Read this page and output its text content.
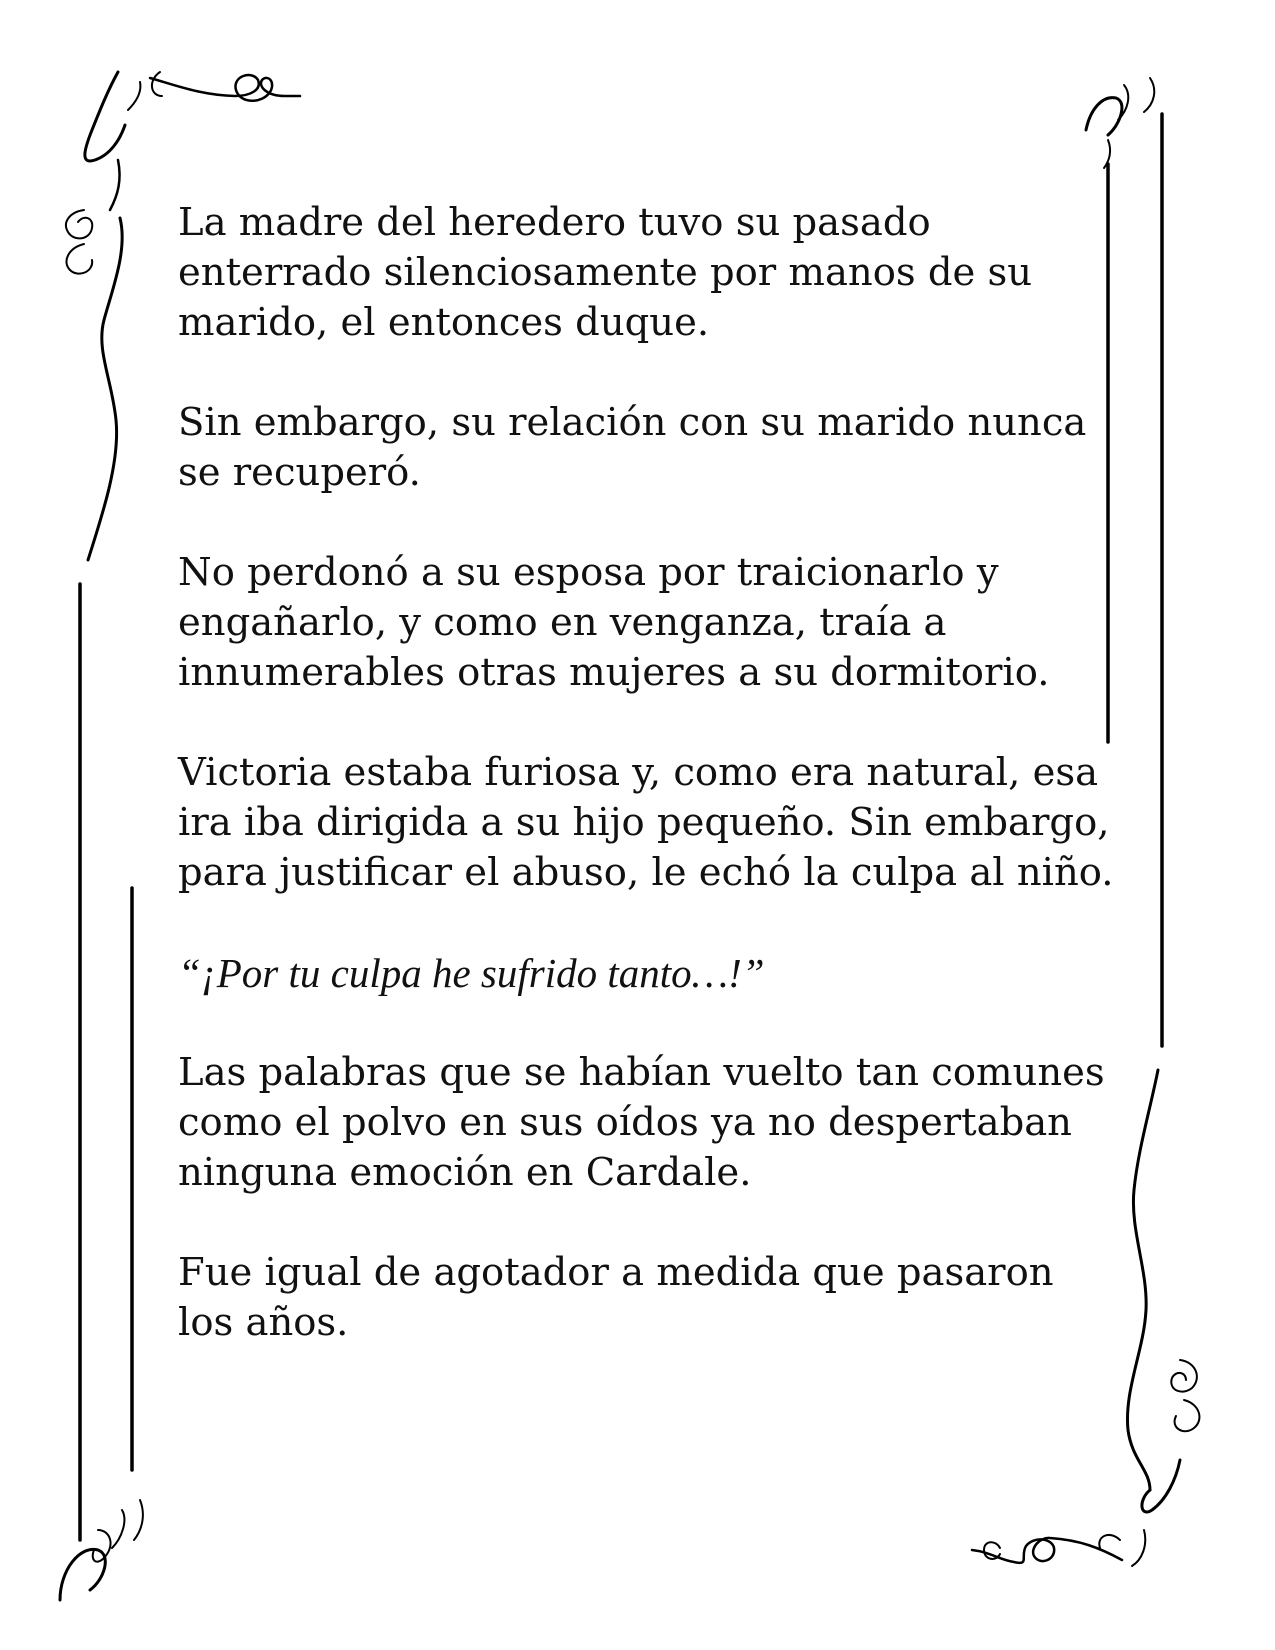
La madre del heredero tuvo su pasado enterrado silenciosamente por manos de su marido, el entonces duque.

Sin embargo, su relación con su marido nunca se recuperó.

No perdonó a su esposa por traicionarlo y engañarlo, y como en venganza, traía a innumerables otras mujeres a su dormitorio.

Victoria estaba furiosa y, como era natural, esa ira iba dirigida a su hijo pequeño. Sin embargo, para justificar el abuso, le echó la culpa al niño.

“¡Por tu culpa he sufrido tanto…!”

Las palabras que se habían vuelto tan comunes como el polvo en sus oídos ya no despertaban ninguna emoción en Cardale.

Fue igual de agotador a medida que pasaron los años.
